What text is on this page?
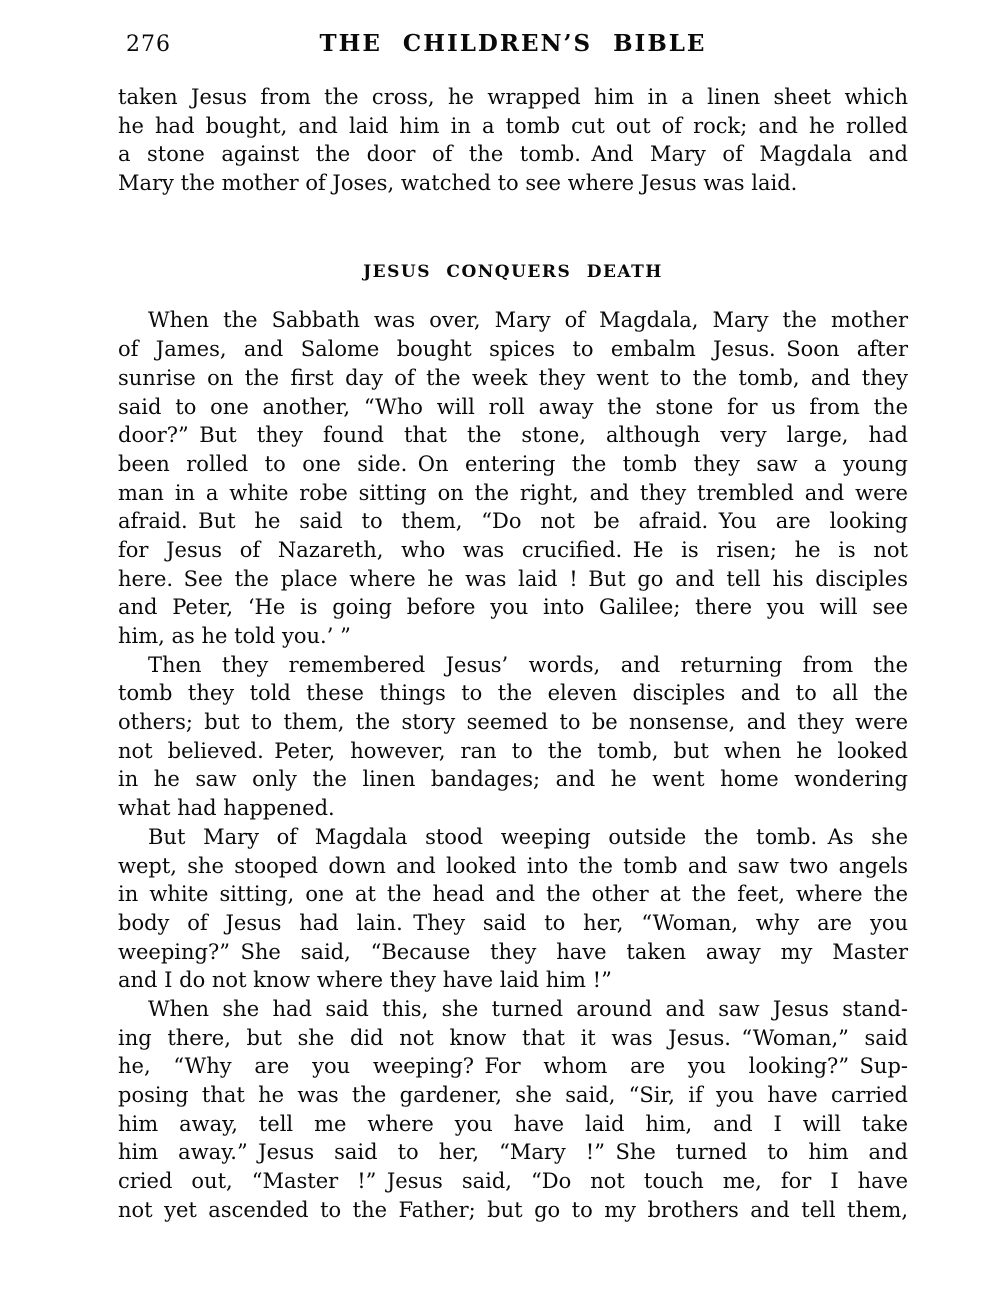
276	THE CHILDREN’S BIBLE
taken Jesus from the cross, he wrapped him in a linen sheet which
he had bought, and laid him in a tomb cut out of rock; and he rolled
a stone against the door of the tomb. And Mary of Magdala and
Mary the mother of Joses, watched to see where Jesus was laid.
JESUS CONQUERS DEATH
When the Sabbath was over, Mary of Magdala, Mary the mother
of James, and Salome bought spices to embalm Jesus. Soon after
sunrise on the first day of the week they went to the tomb, and they
said to one another, “Who will roll away the stone for us from the
door?” But they found that the stone, although very large, had
been rolled to one side. On entering the tomb they saw a young
man in a white robe sitting on the right, and they trembled and were
afraid. But he said to them, “Do not be afraid. You are looking
for Jesus of Nazareth, who was crucified. He is risen; he is not
here. See the place where he was laid ! But go and tell his disciples
and Peter, ‘He is going before you into Galilee; there you will see
him, as he told you.’ ”
Then they remembered Jesus’ words, and returning from the
tomb they told these things to the eleven disciples and to all the
others; but to them, the story seemed to be nonsense, and they were
not believed. Peter, however, ran to the tomb, but when he looked
in he saw only the linen bandages; and he went home wondering
what had happened.
But Mary of Magdala stood weeping outside the tomb. As she
wept, she stooped down and looked into the tomb and saw two angels
in white sitting, one at the head and the other at the feet, where the
body of Jesus had lain. They said to her, “Woman, why are you
weeping?” She said, “Because they have taken away my Master
and I do not know where they have laid him !”
When she had said this, she turned around and saw Jesus stand-
ing there, but she did not know that it was Jesus. “Woman,” said
he, “Why are you weeping? For whom are you looking?” Sup-
posing that he was the gardener, she said, “Sir, if you have carried
him away, tell me where you have laid him, and I will take
him away.” Jesus said to her, “Mary !” She turned to him and
cried out, “Master !” Jesus said, “Do not touch me, for I have
not yet ascended to the Father; but go to my brothers and tell them,
